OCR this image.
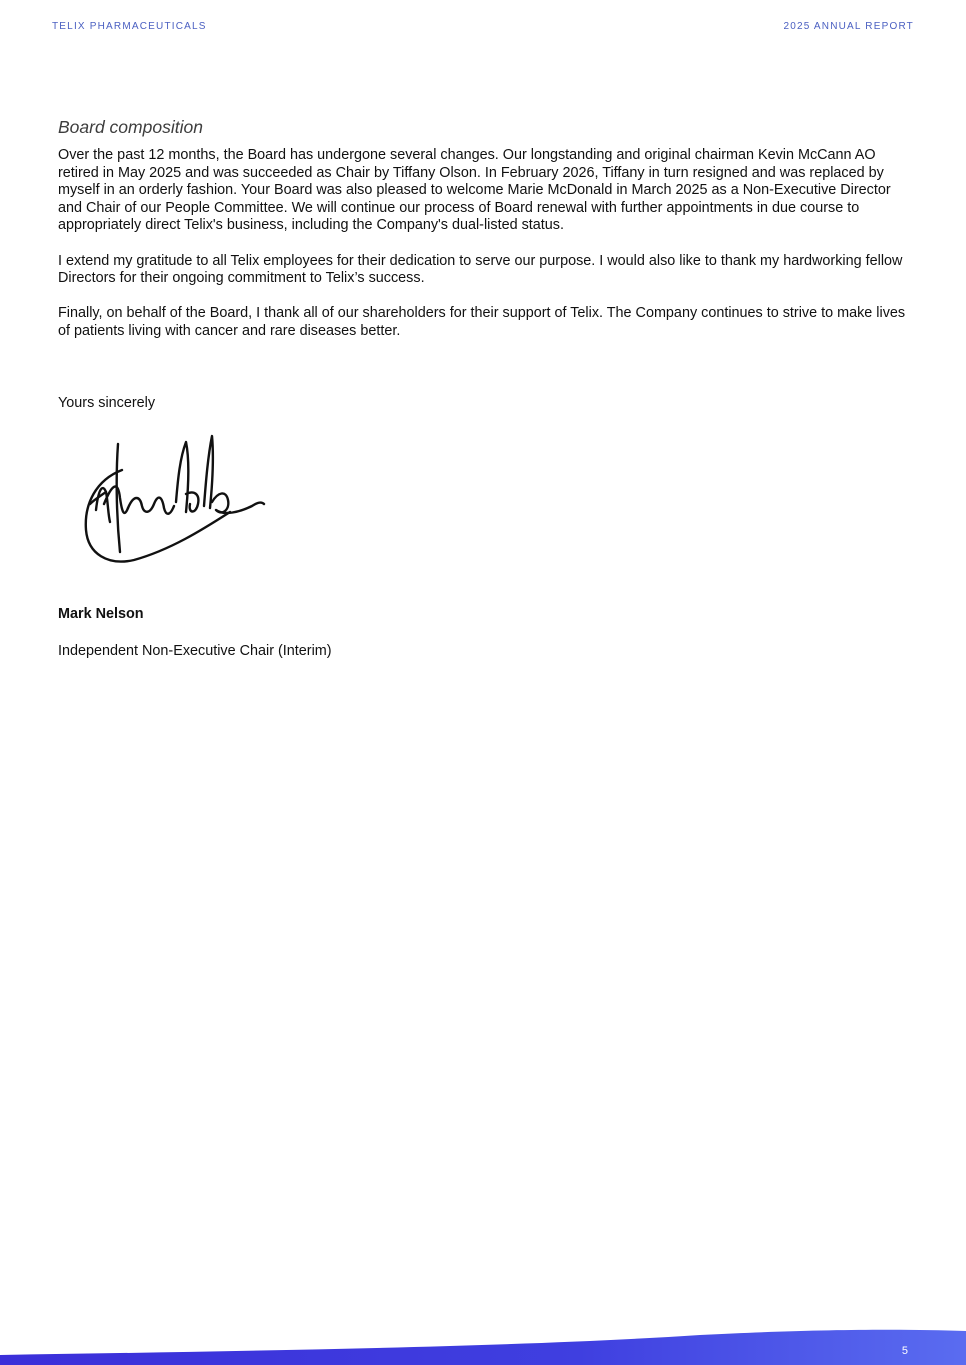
TELIX PHARMACEUTICALS	2025 ANNUAL REPORT
Board composition

Over the past 12 months, the Board has undergone several changes. Our longstanding and original chairman Kevin McCann AO retired in May 2025 and was succeeded as Chair by Tiffany Olson. In February 2026, Tiffany in turn resigned and was replaced by myself in an orderly fashion. Your Board was also pleased to welcome Marie McDonald in March 2025 as a Non-Executive Director and Chair of our People Committee. We will continue our process of Board renewal with further appointments in due course to appropriately direct Telix's business, including the Company's dual-listed status.

I extend my gratitude to all Telix employees for their dedication to serve our purpose. I would also like to thank my hardworking fellow Directors for their ongoing commitment to Telix’s success.

Finally, on behalf of the Board, I thank all of our shareholders for their support of Telix. The Company continues to strive to make lives of patients living with cancer and rare diseases better.

Yours sincerely
Mark Nelson
Independent Non-Executive Chair (Interim)
5
